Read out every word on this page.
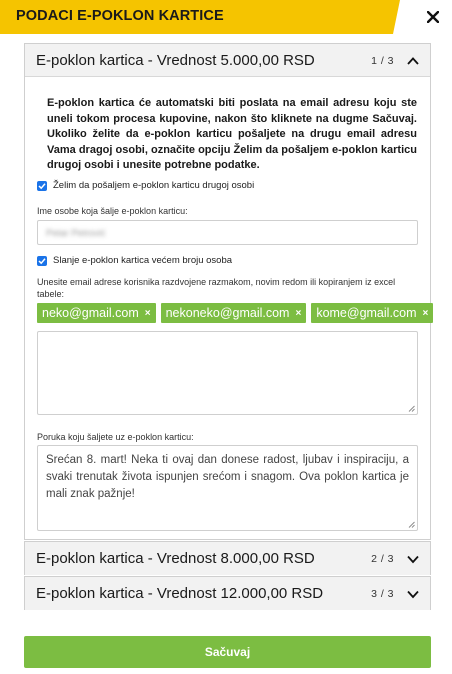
PODACI E-POKLON KARTICE
E-poklon kartica - Vrednost 5.000,00 RSD	1 / 3

E-poklon kartica će automatski biti poslata na email adresu koju ste uneli tokom procesa kupovine, nakon što kliknete na dugme Sačuvaj. Ukoliko želite da e-poklon karticu pošaljete na drugu email adresu Vama dragoj osobi, označite opciju Želim da pošaljem e-poklon karticu drugoj osobi i unesite potrebne podatke.

Želim da pošaljem e-poklon karticu drugoj osobi
Ime osobe koja šalje e-poklon karticu:
Petar Petrović
Slanje e-poklon kartica većem broju osoba
Unesite email adrese korisnika razdvojene razmakom, novim redom ili kopiranjem iz excel tabele:
neko@gmail.com × nekoneko@gmail.com × kome@gmail.com ×
Poruka koju šaljete uz e-poklon karticu:
Srećan 8. mart! Neka ti ovaj dan donese radost, ljubav i inspiraciju, a svaki trenutak života ispunjen srećom i snagom. Ova poklon kartica je mali znak pažnje!
E-poklon kartica - Vrednost 8.000,00 RSD	2 / 3
E-poklon kartica - Vrednost 12.000,00 RSD	3 / 3
Sačuvaj
